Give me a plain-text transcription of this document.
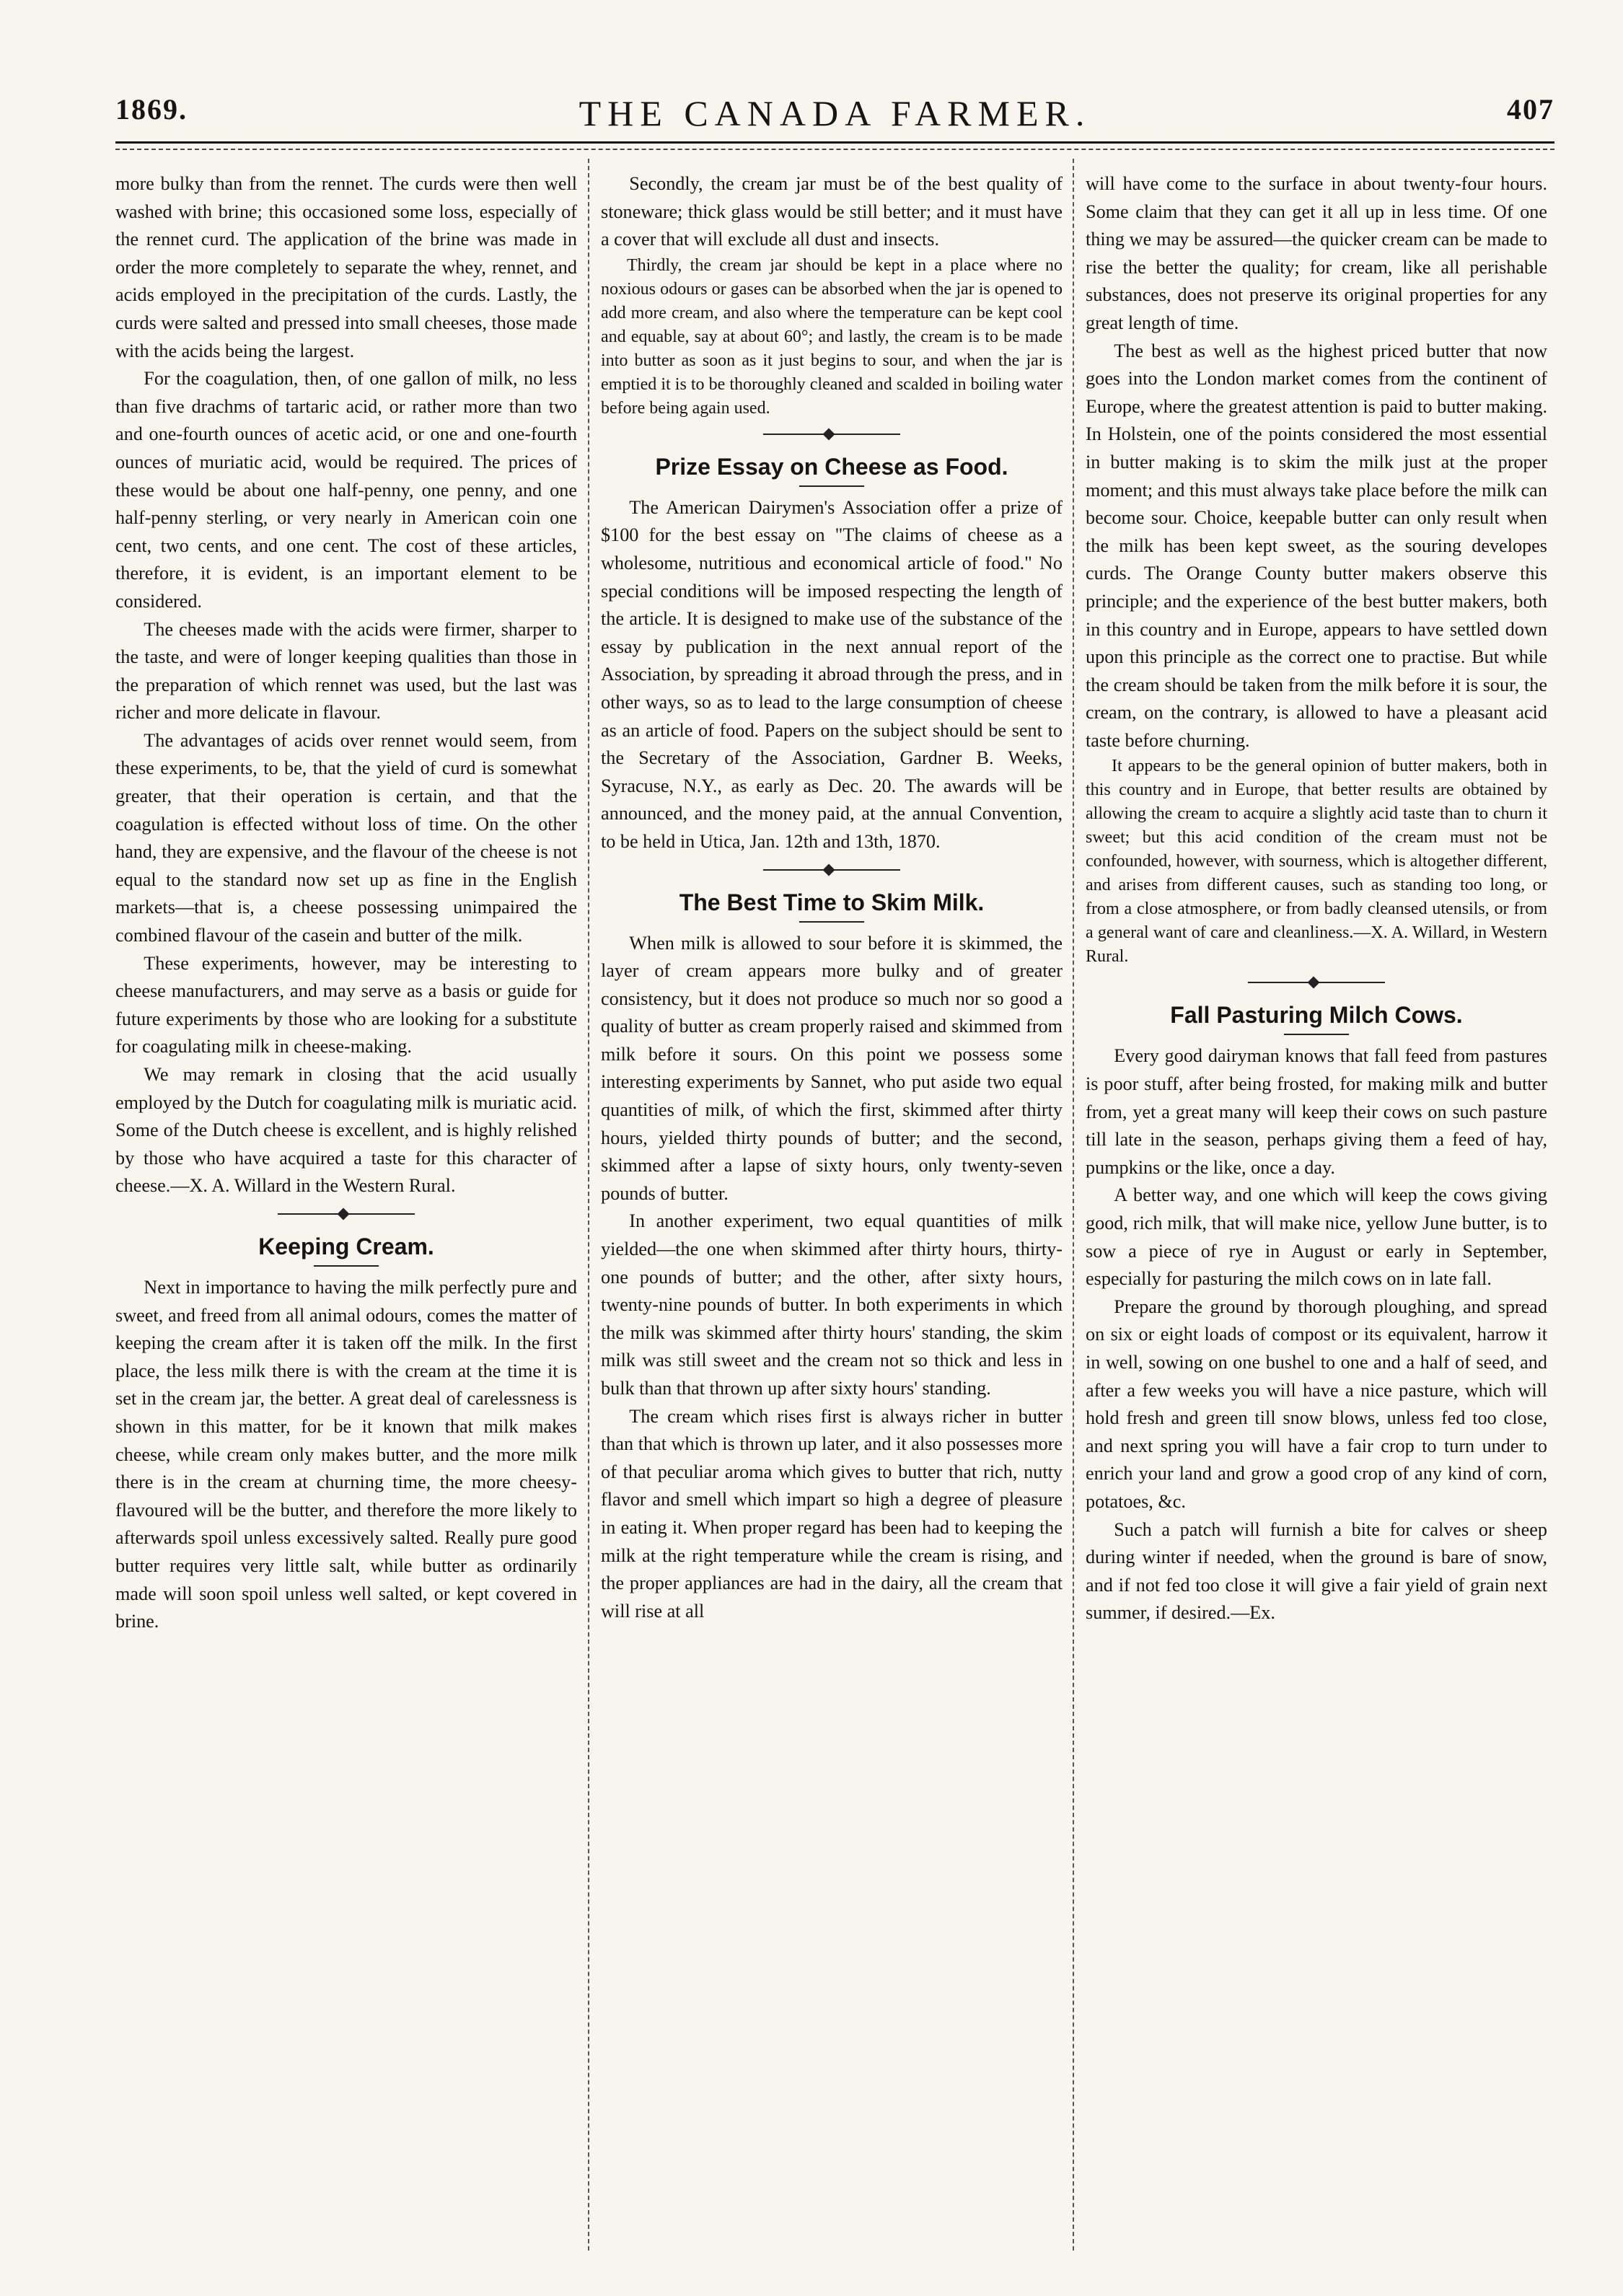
THE CANADA FARMER.
1869.	407

more bulky than from the rennet. The curds were then well washed with brine; this occasioned some loss, especially of the rennet curd. The application of the brine was made in order the more completely to separate the whey, rennet, and acids employed in the precipitation of the curds. Lastly, the curds were salted and pressed into small cheeses, those made with the acids being the largest.

For the coagulation, then, of one gallon of milk, no less than five drachms of tartaric acid, or rather more than two and one-fourth ounces of acetic acid, or one and one-fourth ounces of muriatic acid, would be required. The prices of these would be about one half-penny, one penny, and one half-penny sterling, or very nearly in American coin one cent, two cents, and one cent. The cost of these articles, therefore, it is evident, is an important element to be considered.

The cheeses made with the acids were firmer, sharper to the taste, and were of longer keeping qualities than those in the preparation of which rennet was used, but the last was richer and more delicate in flavour.

The advantages of acids over rennet would seem, from these experiments, to be, that the yield of curd is somewhat greater, that their operation is certain, and that the coagulation is effected without loss of time. On the other hand, they are expensive, and the flavour of the cheese is not equal to the standard now set up as fine in the English markets—that is, a cheese possessing unimpaired the combined flavour of the casein and butter of the milk.

These experiments, however, may be interesting to cheese manufacturers, and may serve as a basis or guide for future experiments by those who are looking for a substitute for coagulating milk in cheese-making.

We may remark in closing that the acid usually employed by the Dutch for coagulating milk is muriatic acid. Some of the Dutch cheese is excellent, and is highly relished by those who have acquired a taste for this character of cheese.—X. A. Willard in the Western Rural.

Keeping Cream.

Next in importance to having the milk perfectly pure and sweet, and freed from all animal odours, comes the matter of keeping the cream after it is taken off the milk. In the first place, the less milk there is with the cream at the time it is set in the cream jar, the better. A great deal of carelessness is shown in this matter, for be it known that milk makes cheese, while cream only makes butter, and the more milk there is in the cream at churning time, the more cheesy-flavoured will be the butter, and therefore the more likely to afterwards spoil unless excessively salted. Really pure good butter requires very little salt, while butter as ordinarily made will soon spoil unless well salted, or kept covered in brine.

Secondly, the cream jar must be of the best quality of stoneware; thick glass would be still better; and it must have a cover that will exclude all dust and insects.

Thirdly, the cream jar should be kept in a place where no noxious odours or gases can be absorbed when the jar is opened to add more cream, and also where the temperature can be kept cool and equable, say at about 60°; and lastly, the cream is to be made into butter as soon as it just begins to sour, and when the jar is emptied it is to be thoroughly cleaned and scalded in boiling water before being again used.

Prize Essay on Cheese as Food.

The American Dairymen's Association offer a prize of $100 for the best essay on "The claims of cheese as a wholesome, nutritious and economical article of food." No special conditions will be imposed respecting the length of the article. It is designed to make use of the substance of the essay by publication in the next annual report of the Association, by spreading it abroad through the press, and in other ways, so as to lead to the large consumption of cheese as an article of food. Papers on the subject should be sent to the Secretary of the Association, Gardner B. Weeks, Syracuse, N.Y., as early as Dec. 20. The awards will be announced, and the money paid, at the annual Convention, to be held in Utica, Jan. 12th and 13th, 1870.

The Best Time to Skim Milk.

When milk is allowed to sour before it is skimmed, the layer of cream appears more bulky and of greater consistency, but it does not produce so much nor so good a quality of butter as cream properly raised and skimmed from milk before it sours. On this point we possess some interesting experiments by Sannet, who put aside two equal quantities of milk, of which the first, skimmed after thirty hours, yielded thirty pounds of butter; and the second, skimmed after a lapse of sixty hours, only twenty-seven pounds of butter.

In another experiment, two equal quantities of milk yielded—the one when skimmed after thirty hours, thirty-one pounds of butter; and the other, after sixty hours, twenty-nine pounds of butter. In both experiments in which the milk was skimmed after thirty hours' standing, the skim milk was still sweet and the cream not so thick and less in bulk than that thrown up after sixty hours' standing.

The cream which rises first is always richer in butter than that which is thrown up later, and it also possesses more of that peculiar aroma which gives to butter that rich, nutty flavor and smell which impart so high a degree of pleasure in eating it. When proper regard has been had to keeping the milk at the right temperature while the cream is rising, and the proper appliances are had in the dairy, all the cream that will rise at all

will have come to the surface in about twenty-four hours. Some claim that they can get it all up in less time. Of one thing we may be assured—the quicker cream can be made to rise the better the quality; for cream, like all perishable substances, does not preserve its original properties for any great length of time.

The best as well as the highest priced butter that now goes into the London market comes from the continent of Europe, where the greatest attention is paid to butter making. In Holstein, one of the points considered the most essential in butter making is to skim the milk just at the proper moment; and this must always take place before the milk can become sour. Choice, keepable butter can only result when the milk has been kept sweet, as the souring developes curds. The Orange County butter makers observe this principle; and the experience of the best butter makers, both in this country and in Europe, appears to have settled down upon this principle as the correct one to practise. But while the cream should be taken from the milk before it is sour, the cream, on the contrary, is allowed to have a pleasant acid taste before churning.

It appears to be the general opinion of butter makers, both in this country and in Europe, that better results are obtained by allowing the cream to acquire a slightly acid taste than to churn it sweet; but this acid condition of the cream must not be confounded, however, with sourness, which is altogether different, and arises from different causes, such as standing too long, or from a close atmosphere, or from badly cleansed utensils, or from a general want of care and cleanliness.—X. A. Willard, in Western Rural.

Fall Pasturing Milch Cows.

Every good dairyman knows that fall feed from pastures is poor stuff, after being frosted, for making milk and butter from, yet a great many will keep their cows on such pasture till late in the season, perhaps giving them a feed of hay, pumpkins or the like, once a day.

A better way, and one which will keep the cows giving good, rich milk, that will make nice, yellow June butter, is to sow a piece of rye in August or early in September, especially for pasturing the milch cows on in late fall.

Prepare the ground by thorough ploughing, and spread on six or eight loads of compost or its equivalent, harrow it in well, sowing on one bushel to one and a half of seed, and after a few weeks you will have a nice pasture, which will hold fresh and green till snow blows, unless fed too close, and next spring you will have a fair crop to turn under to enrich your land and grow a good crop of any kind of corn, potatoes, &c.

Such a patch will furnish a bite for calves or sheep during winter if needed, when the ground is bare of snow, and if not fed too close it will give a fair yield of grain next summer, if desired.—Ex.
